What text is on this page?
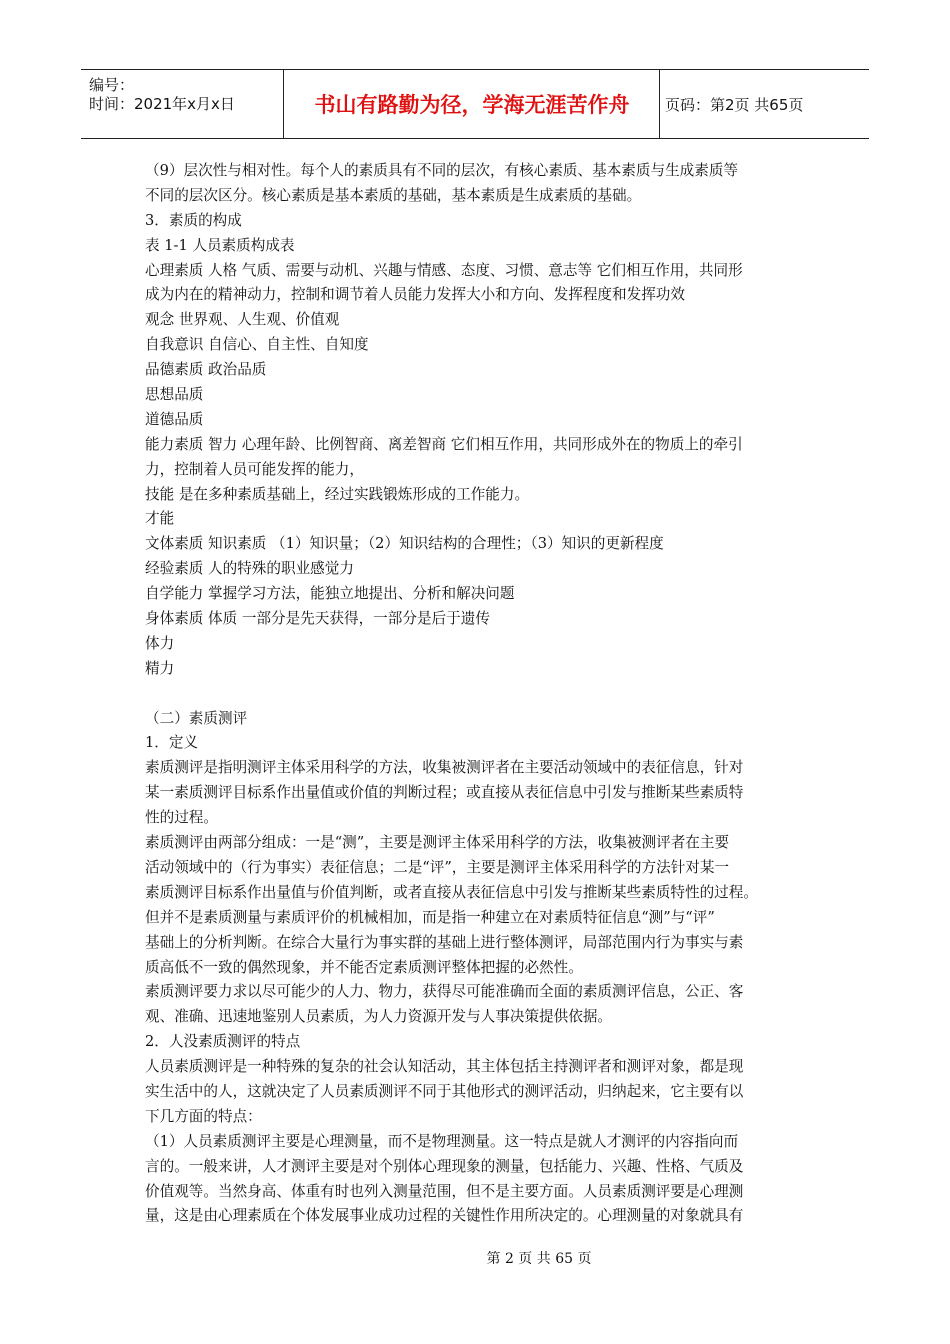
编号：
时间：2021年x月x日	书山有路勤为径，学海无涯苦作舟	页码：第2页 共65页
（9）层次性与相对性。每个人的素质具有不同的层次，有核心素质、基本素质与生成素质等
不同的层次区分。核心素质是基本素质的基础，基本素质是生成素质的基础。
3．素质的构成
表 1-1 人员素质构成表
心理素质 人格 气质、需要与动机、兴趣与情感、态度、习惯、意志等 它们相互作用，共同形
成为内在的精神动力，控制和调节着人员能力发挥大小和方向、发挥程度和发挥功效
观念 世界观、人生观、价值观
自我意识 自信心、自主性、自知度
品德素质 政治品质
思想品质
道德品质
能力素质 智力 心理年龄、比例智商、离差智商 它们相互作用，共同形成外在的物质上的牵引
力，控制着人员可能发挥的能力，
技能 是在多种素质基础上，经过实践锻炼形成的工作能力。
才能
文体素质 知识素质 （1）知识量；（2）知识结构的合理性；（3）知识的更新程度
经验素质 人的特殊的职业感觉力
自学能力 掌握学习方法，能独立地提出、分析和解决问题
身体素质 体质 一部分是先天获得，一部分是后于遗传
体力
精力
（二）素质测评
1．定义
素质测评是指明测评主体采用科学的方法，收集被测评者在主要活动领域中的表征信息，针对
某一素质测评目标系作出量值或价值的判断过程；或直接从表征信息中引发与推断某些素质特
性的过程。
素质测评由两部分组成：一是“测”，主要是测评主体采用科学的方法，收集被测评者在主要
活动领域中的（行为事实）表征信息；二是“评”，主要是测评主体采用科学的方法针对某一
素质测评目标系作出量值与价值判断，或者直接从表征信息中引发与推断某些素质特性的过程。
但并不是素质测量与素质评价的机械相加，而是指一种建立在对素质特征信息“测”与“评”
基础上的分析判断。在综合大量行为事实群的基础上进行整体测评，局部范围内行为事实与素
质高低不一致的偶然现象，并不能否定素质测评整体把握的必然性。
素质测评要力求以尽可能少的人力、物力，获得尽可能准确而全面的素质测评信息，公正、客
观、准确、迅速地鉴别人员素质，为人力资源开发与人事决策提供依据。
2．人没素质测评的特点
人员素质测评是一种特殊的复杂的社会认知活动，其主体包括主持测评者和测评对象，都是现
实生活中的人，这就决定了人员素质测评不同于其他形式的测评活动，归纳起来，它主要有以
下几方面的特点：
（1）人员素质测评主要是心理测量，而不是物理测量。这一特点是就人才测评的内容指向而
言的。一般来讲，人才测评主要是对个别体心理现象的测量，包括能力、兴趣、性格、气质及
价值观等。当然身高、体重有时也列入测量范围，但不是主要方面。人员素质测评要是心理测
量，这是由心理素质在个体发展事业成功过程的关键性作用所决定的。心理测量的对象就具有
第 2 页 共 65 页
